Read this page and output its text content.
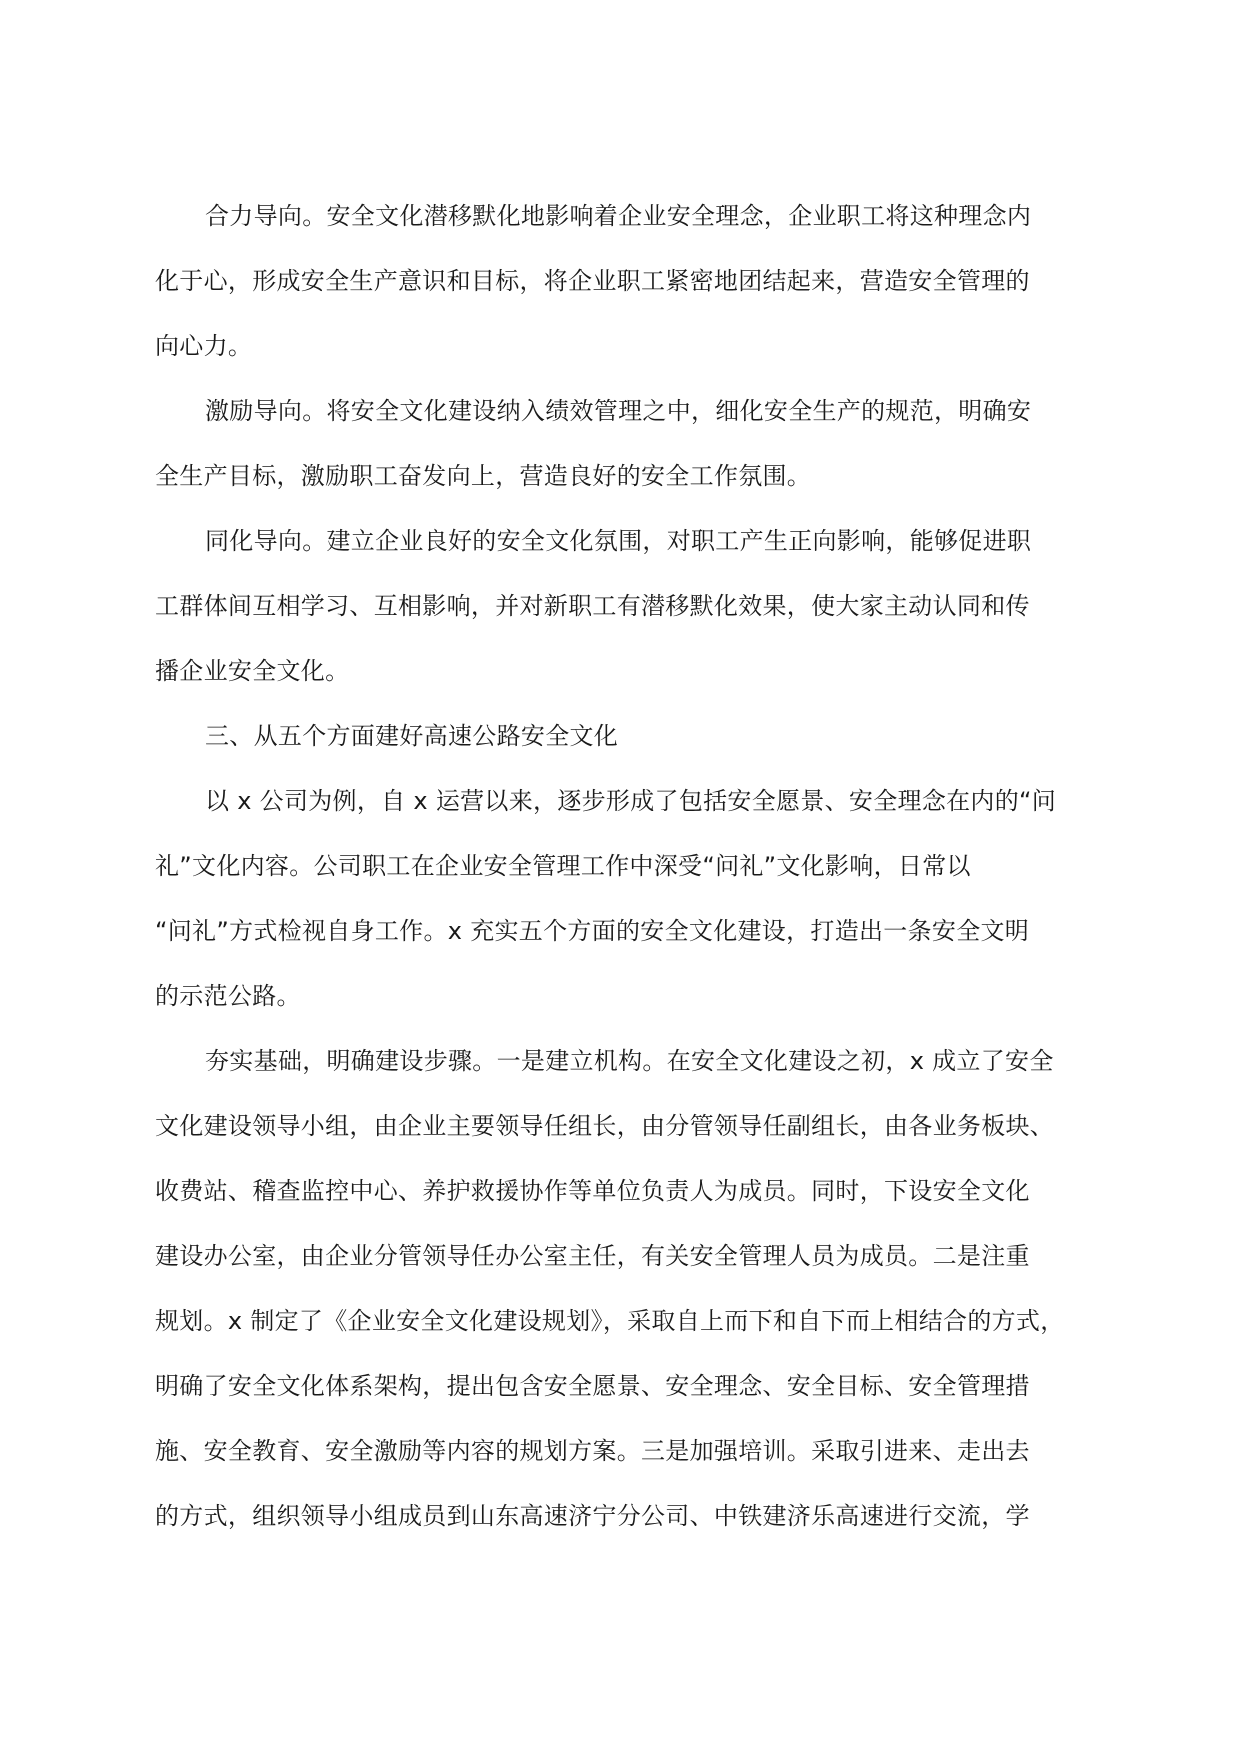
合力导向。安全文化潜移默化地影响着企业安全理念，企业职工将这种理念内
化于心，形成安全生产意识和目标，将企业职工紧密地团结起来，营造安全管理的
向心力。

激励导向。将安全文化建设纳入绩效管理之中，细化安全生产的规范，明确安
全生产目标，激励职工奋发向上，营造良好的安全工作氛围。

同化导向。建立企业良好的安全文化氛围，对职工产生正向影响，能够促进职
工群体间互相学习、互相影响，并对新职工有潜移默化效果，使大家主动认同和传
播企业安全文化。

三、从五个方面建好高速公路安全文化

以 x 公司为例，自 x 运营以来，逐步形成了包括安全愿景、安全理念在内的“问
礼”文化内容。公司职工在企业安全管理工作中深受“问礼”文化影响，日常以
“问礼”方式检视自身工作。x 充实五个方面的安全文化建设，打造出一条安全文明
的示范公路。

夯实基础，明确建设步骤。一是建立机构。在安全文化建设之初，x 成立了安全
文化建设领导小组，由企业主要领导任组长，由分管领导任副组长，由各业务板块、
收费站、稽查监控中心、养护救援协作等单位负责人为成员。同时，下设安全文化
建设办公室，由企业分管领导任办公室主任，有关安全管理人员为成员。二是注重
规划。x 制定了《企业安全文化建设规划》，采取自上而下和自下而上相结合的方式，
明确了安全文化体系架构，提出包含安全愿景、安全理念、安全目标、安全管理措
施、安全教育、安全激励等内容的规划方案。三是加强培训。采取引进来、走出去
的方式，组织领导小组成员到山东高速济宁分公司、中铁建济乐高速进行交流，学
